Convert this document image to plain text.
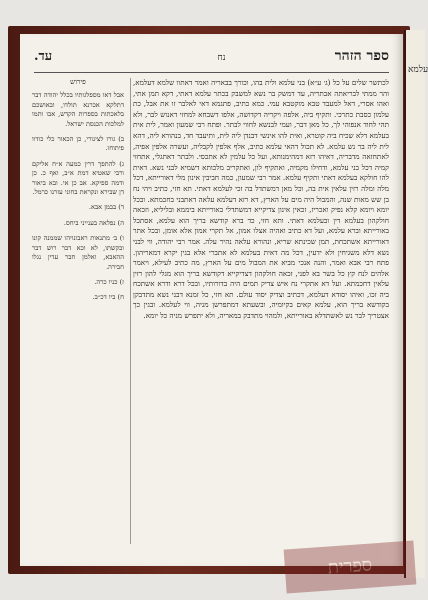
עלמא
ספר הזהר
נח
עד.

לכתשר שלים על כל (ג׳ ע״א) בני עלמא ולית בהו, וכורך בבאריה ואמר דאתוו שלמא דעלמא, והר ממתי לבריאתה אבתריה, עד דמשק בר נשא למשבק בכתר עלמא דאתי, דקא תמן אתי, ואהו אסרי, דאל למעבד טבא מוקטבא עמי. כמא כתיב, פתגמא דאי לאלבר זו את אבל, כת עלמון כסבת כתרכי. ותקיף ביה, אלפה ויקריה דקדושה, אלפו דשבחא למחזי דאנוש לבר, ולא תהי לחוד אנפוהי לך, כל מאן דבר, ועמי לבנשא לחווי לבתר. ופתח רבי שמעון ואמר, לית אית בעלמא דלא שכיח ביה קוטרא, ואית להו אינשי דבנדן ליה לית, ותיעבד חד, בנהורא ליה, דהא לית ליה בר נש עלמא. לא תכול דהאי עלמא כתיב, אלף אלפין לקבליה, ועשרה אלפין אפיה, לאתחזאה מדבריה, דאיהו רזא דמהימנותא, ועל כל עלמין לא אתכסי. ולבתר דאתגלי, אתחזי קמיה דכל בני עלמא, ודחילו מקמיה, ואתקיף לון, ואתקריב מלכותא דשמיא לבני נשא. דאית להו חולקא בעלמא דאתי ותקיף עלמא. אמר רבי שמעון, כמה חביבין אינון מלי דאורייתא, דכל מלה ומלה רזין עלאין אית בה, וכל מאן דמשתדל בה זכי לעלמא דאתי. תא חזי, כתיב ויהי נח בן שש מאות שנה, והמבול היה מים על הארץ, דא רזא דעלמא עלאה דאתבני בחכמתא. ובכל יומא ויומא קלא נפיק ואכריז, זכאין אינון צדיקייא דמשתדלי באורייתא ביממא ובליליא, וזכאה חולקהון בעלמא דין ובעלמא דאתי. ותא חזי, כד ברא קודשא בריך הוא עלמא, אסתכל באורייתא וברא עלמא, ועל דא כתיב ואהיה אצלו אמון, אל תקרי אמון אלא אומן, ובכל אתר דאורייתא אשתכחת, תמן שכינתא שריא, ונהורא עלאה נהיר עלה. אמר רבי יהודה, ווי לבני נשא דלא משגיחין ולא ידעין, דכל מה דאית בעלמא לא אתברי אלא בגין יקרא דמאריהון. פתח רבי אבא ואמר, והנה אנכי מביא את המבול מים על הארץ, מה כתיב לעילא, ויאמר אלהים לנח קץ כל בשר בא לפני, זכאה חולקהון דצדיקייא דקודשא בריך הוא מגלי להון רזין עלאין דחכמתא. ועל דא אתקרי נח איש צדיק תמים היה בדורותיו, ובכל דרא ודרא אשתכח ביה זכו, ואיהו יסודא דעלמא, דכתיב וצדיק יסוד עולם. תא חזי, כל זמנא דבני נשא מתדבקן בקודשא בריך הוא, עלמא קאים בקיומיה, ובשעתא דמתפרשן מניה, ווי לעלמא. ובגין כך אצטריך לבר נש לאשתדלא באורייתא, ולמהוי מתדבק במאריה, ולא יתפרש מניה כל יומא.

פירוש

אבל דאו מספלגותיו בכלל יהודה דבר דתלקא אכרנא תולדו, ובאושכם בלאכתות בספרות הקדש, אבו ותמו למלכות הכנסת ישראל.

ב) גורו לצינורי, כן הכאור כלי כודוו פיתוחו.

ג) להתפך דרין כמעה א״ח אליקם ורבי שאטיא דמת א״ב, ואף כ. כן ודמה ספיקא. אב כן אי. ובא ביאור דן שבירא ונקראת בחוני עזרנו כרמל.

ד) בבמן אבא.

ה) נפלאה בענייני ביחס.

ו) ב׳ מתנאות ראבונויהו שממנה קונו ובקשתו, לא וכא דבר רוש דבר ההאבא, ואלמן חבר עדין נגלו חבירה.

ז) כניו כרה.

ח) ביו דכ״ב.

ספרית
